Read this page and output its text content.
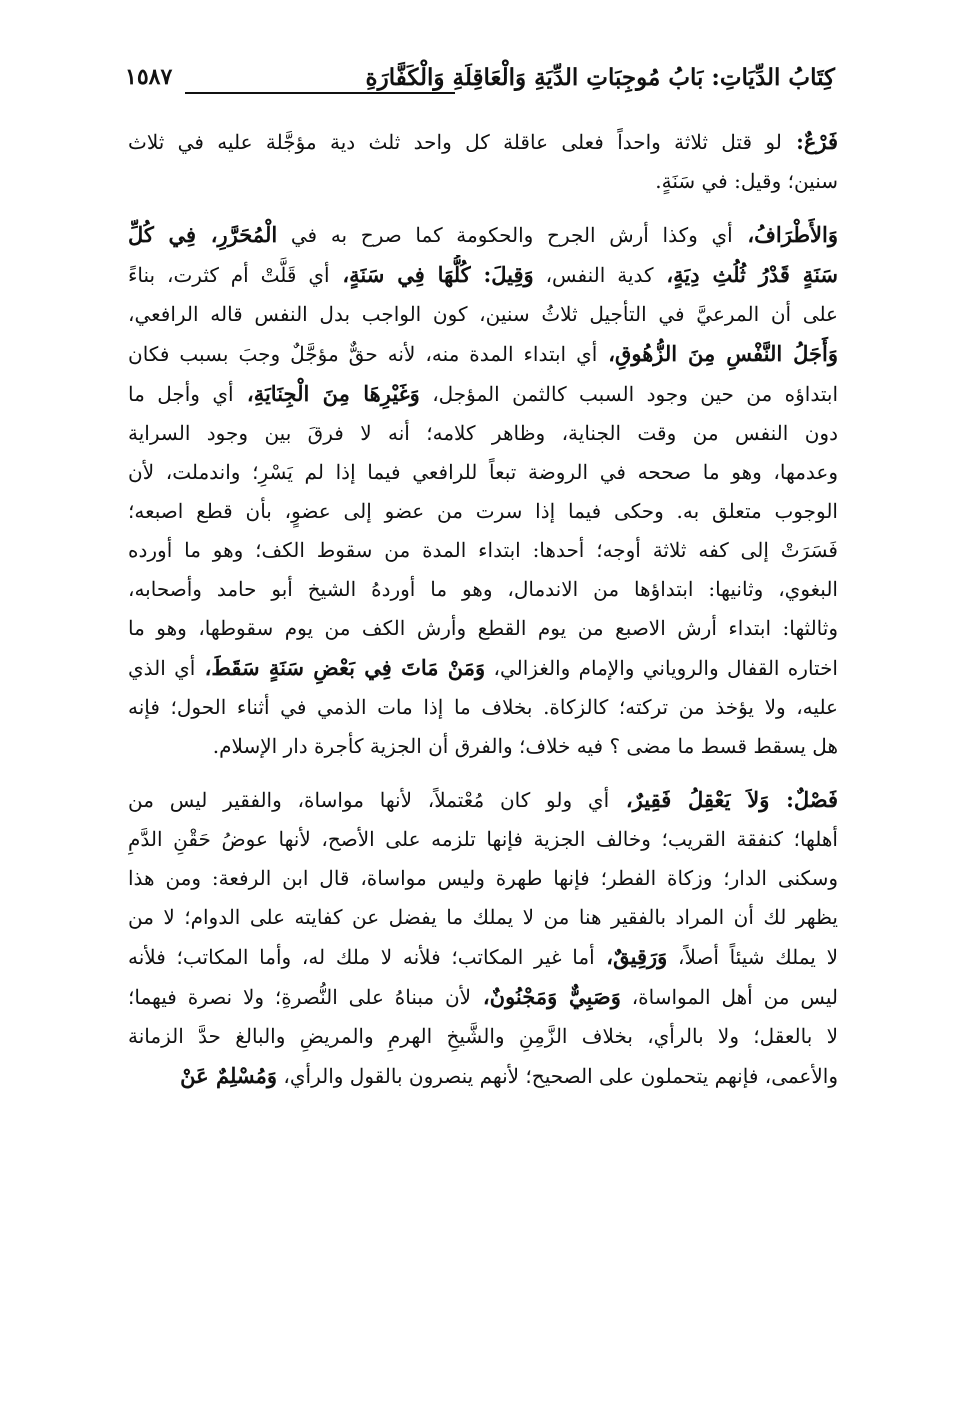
كِتَابُ الدِّيَاتِ: بَابُ مُوجِبَاتِ الدِّيَةِ وَالْعَاقِلَةِ وَالْكَفَّارَةِ
١٥٨٧

فَرْعٌ: لو قتل ثلاثة واحداً فعلى عاقلة كل واحد ثلث دية مؤجَّلة عليه في ثلاث
سنين؛ وقيل: في سَنَةٍ.

وَالأَطْرَافُ، أي وكذا أرش الجرح والحكومة كما صرح به في الْمُحَرَّرِ، فِي كُلِّ
سَنَةٍ قَدْرُ ثُلُثِ دِيَةٍ، كدية النفس، وَقِيلَ: كُلُّهَا فِي سَنَةٍ، أي قَلَّتْ أم كثرت، بناءً
على أن المرعيَّ في التأجيل ثلاثُ سنين، كون الواجب بدل النفس قاله الرافعي،
وَأَجَلُ النَّفْسِ مِنَ الزُّهُوقِ، أي ابتداء المدة منه، لأنه حقٌّ مؤجَّلٌ وجبَ بسبب فكان
ابتداؤه من حين وجود السبب كالثمن المؤجل، وَغَيْرِهَا مِنَ الْجِنَايَةِ، أي وأجل ما
دون النفس من وقت الجناية، وظاهر كلامه؛ أنه لا فرقَ بين وجود السراية
وعدمها، وهو ما صححه في الروضة تبعاً للرافعي فيما إذا لم يَسْرِ؛ واندملت، لأن
الوجوب متعلق به. وحكى فيما إذا سرت من عضو إلى عضوٍ، بأن قطع اصبعه؛
فَسَرَتْ إلى كفه ثلاثة أوجه؛ أحدها: ابتداء المدة من سقوط الكف؛ وهو ما أورده
البغوي، وثانيها: ابتداؤها من الاندمال، وهو ما أوردهُ الشيخ أبو حامد وأصحابه،
وثالثها: ابتداء أرش الاصبع من يوم القطع وأرش الكف من يوم سقوطها، وهو ما
اختاره القفال والروياني والإمام والغزالي، وَمَنْ مَاتَ فِي بَعْضِ سَنَةٍ سَقَطَ، أي الذي
عليه، ولا يؤخذ من تركته؛ كالزكاة. بخلاف ما إذا مات الذمي في أثناء الحول؛ فإنه
هل يسقط قسط ما مضى ؟ فيه خلاف؛ والفرق أن الجزية كأجرة دار الإسلام.

فَصْلٌ: وَلاَ يَعْقِلُ فَقِيرٌ، أي ولو كان مُعْتملاً، لأنها مواساة، والفقير ليس من
أهلها؛ كنفقة القريب؛ وخالف الجزية فإنها تلزمه على الأصح، لأنها عوضُ حَقْنِ الدَّمِ
وسكنى الدار؛ وزكاة الفطر؛ فإنها طهرة وليس مواساة، قال ابن الرفعة: ومن هذا
يظهر لك أن المراد بالفقير هنا من لا يملك ما يفضل عن كفايته على الدوام؛ لا من
لا يملك شيئاً أصلاً، وَرَقِيقٌ، أما غير المكاتب؛ فلأنه لا ملك له، وأما المكاتب؛ فلأنه
ليس من أهل المواساة، وَصَبِيٌّ وَمَجْنُونٌ، لأن مبناهُ على النُّصرةِ؛ ولا نصرة فيهما؛
لا بالعقل؛ ولا بالرأي، بخلاف الزَّمِنِ والشَّيخِ الهرمِ والمريضِ والبالغ حدَّ الزمانة
والأعمى، فإنهم يتحملون على الصحيح؛ لأنهم ينصرون بالقول والرأي، وَمُسْلِمٌ عَنْ
